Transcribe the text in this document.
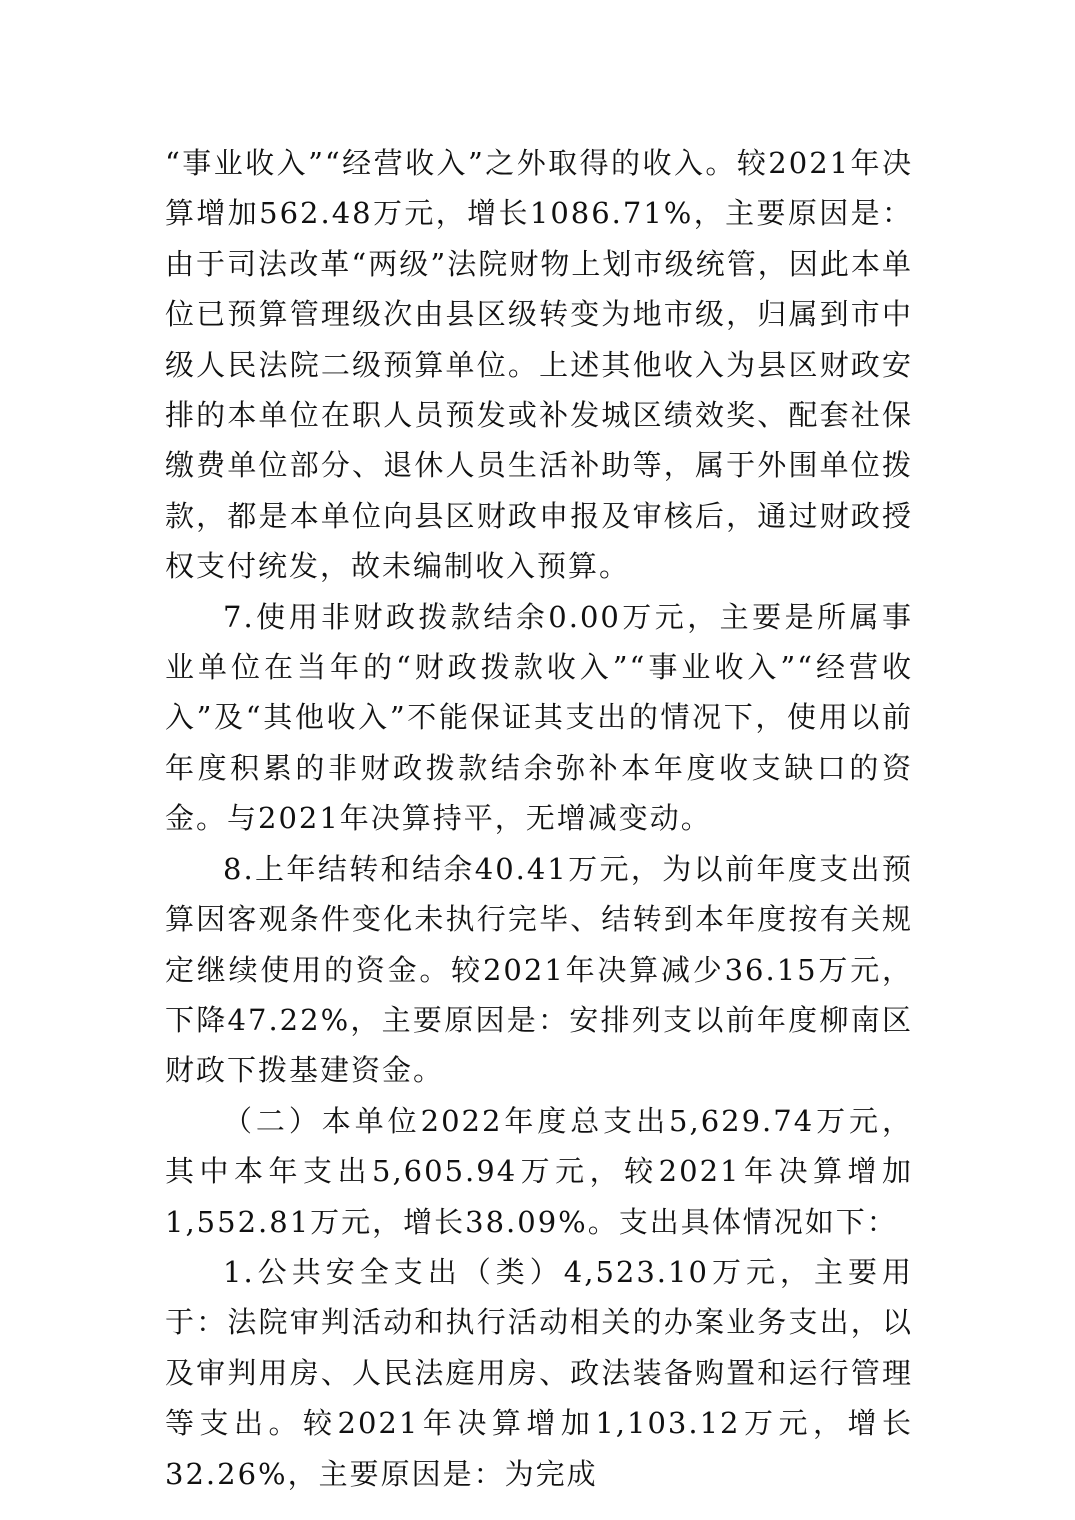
“事业收入”“经营收入”之外取得的收入。较2021年决算增加562.48万元，增长1086.71%，主要原因是：由于司法改革“两级”法院财物上划市级统管，因此本单位已预算管理级次由县区级转变为地市级，归属到市中级人民法院二级预算单位。上述其他收入为县区财政安排的本单位在职人员预发或补发城区绩效奖、配套社保缴费单位部分、退休人员生活补助等，属于外围单位拨款，都是本单位向县区财政申报及审核后，通过财政授权支付统发，故未编制收入预算。

7.使用非财政拨款结余0.00万元，主要是所属事业单位在当年的“财政拨款收入”“事业收入”“经营收入”及“其他收入”不能保证其支出的情况下，使用以前年度积累的非财政拨款结余弥补本年度收支缺口的资金。与2021年决算持平，无增减变动。

8.上年结转和结余40.41万元，为以前年度支出预算因客观条件变化未执行完毕、结转到本年度按有关规定继续使用的资金。较2021年决算减少36.15万元，下降47.22%，主要原因是：安排列支以前年度柳南区财政下拨基建资金。

（二）本单位2022年度总支出5,629.74万元，其中本年支出5,605.94万元，较2021年决算增加1,552.81万元，增长38.09%。支出具体情况如下：

1.公共安全支出（类）4,523.10万元，主要用于：法院审判活动和执行活动相关的办案业务支出，以及审判用房、人民法庭用房、政法装备购置和运行管理等支出。较2021年决算增加1,103.12万元，增长32.26%，主要原因是：为完成
